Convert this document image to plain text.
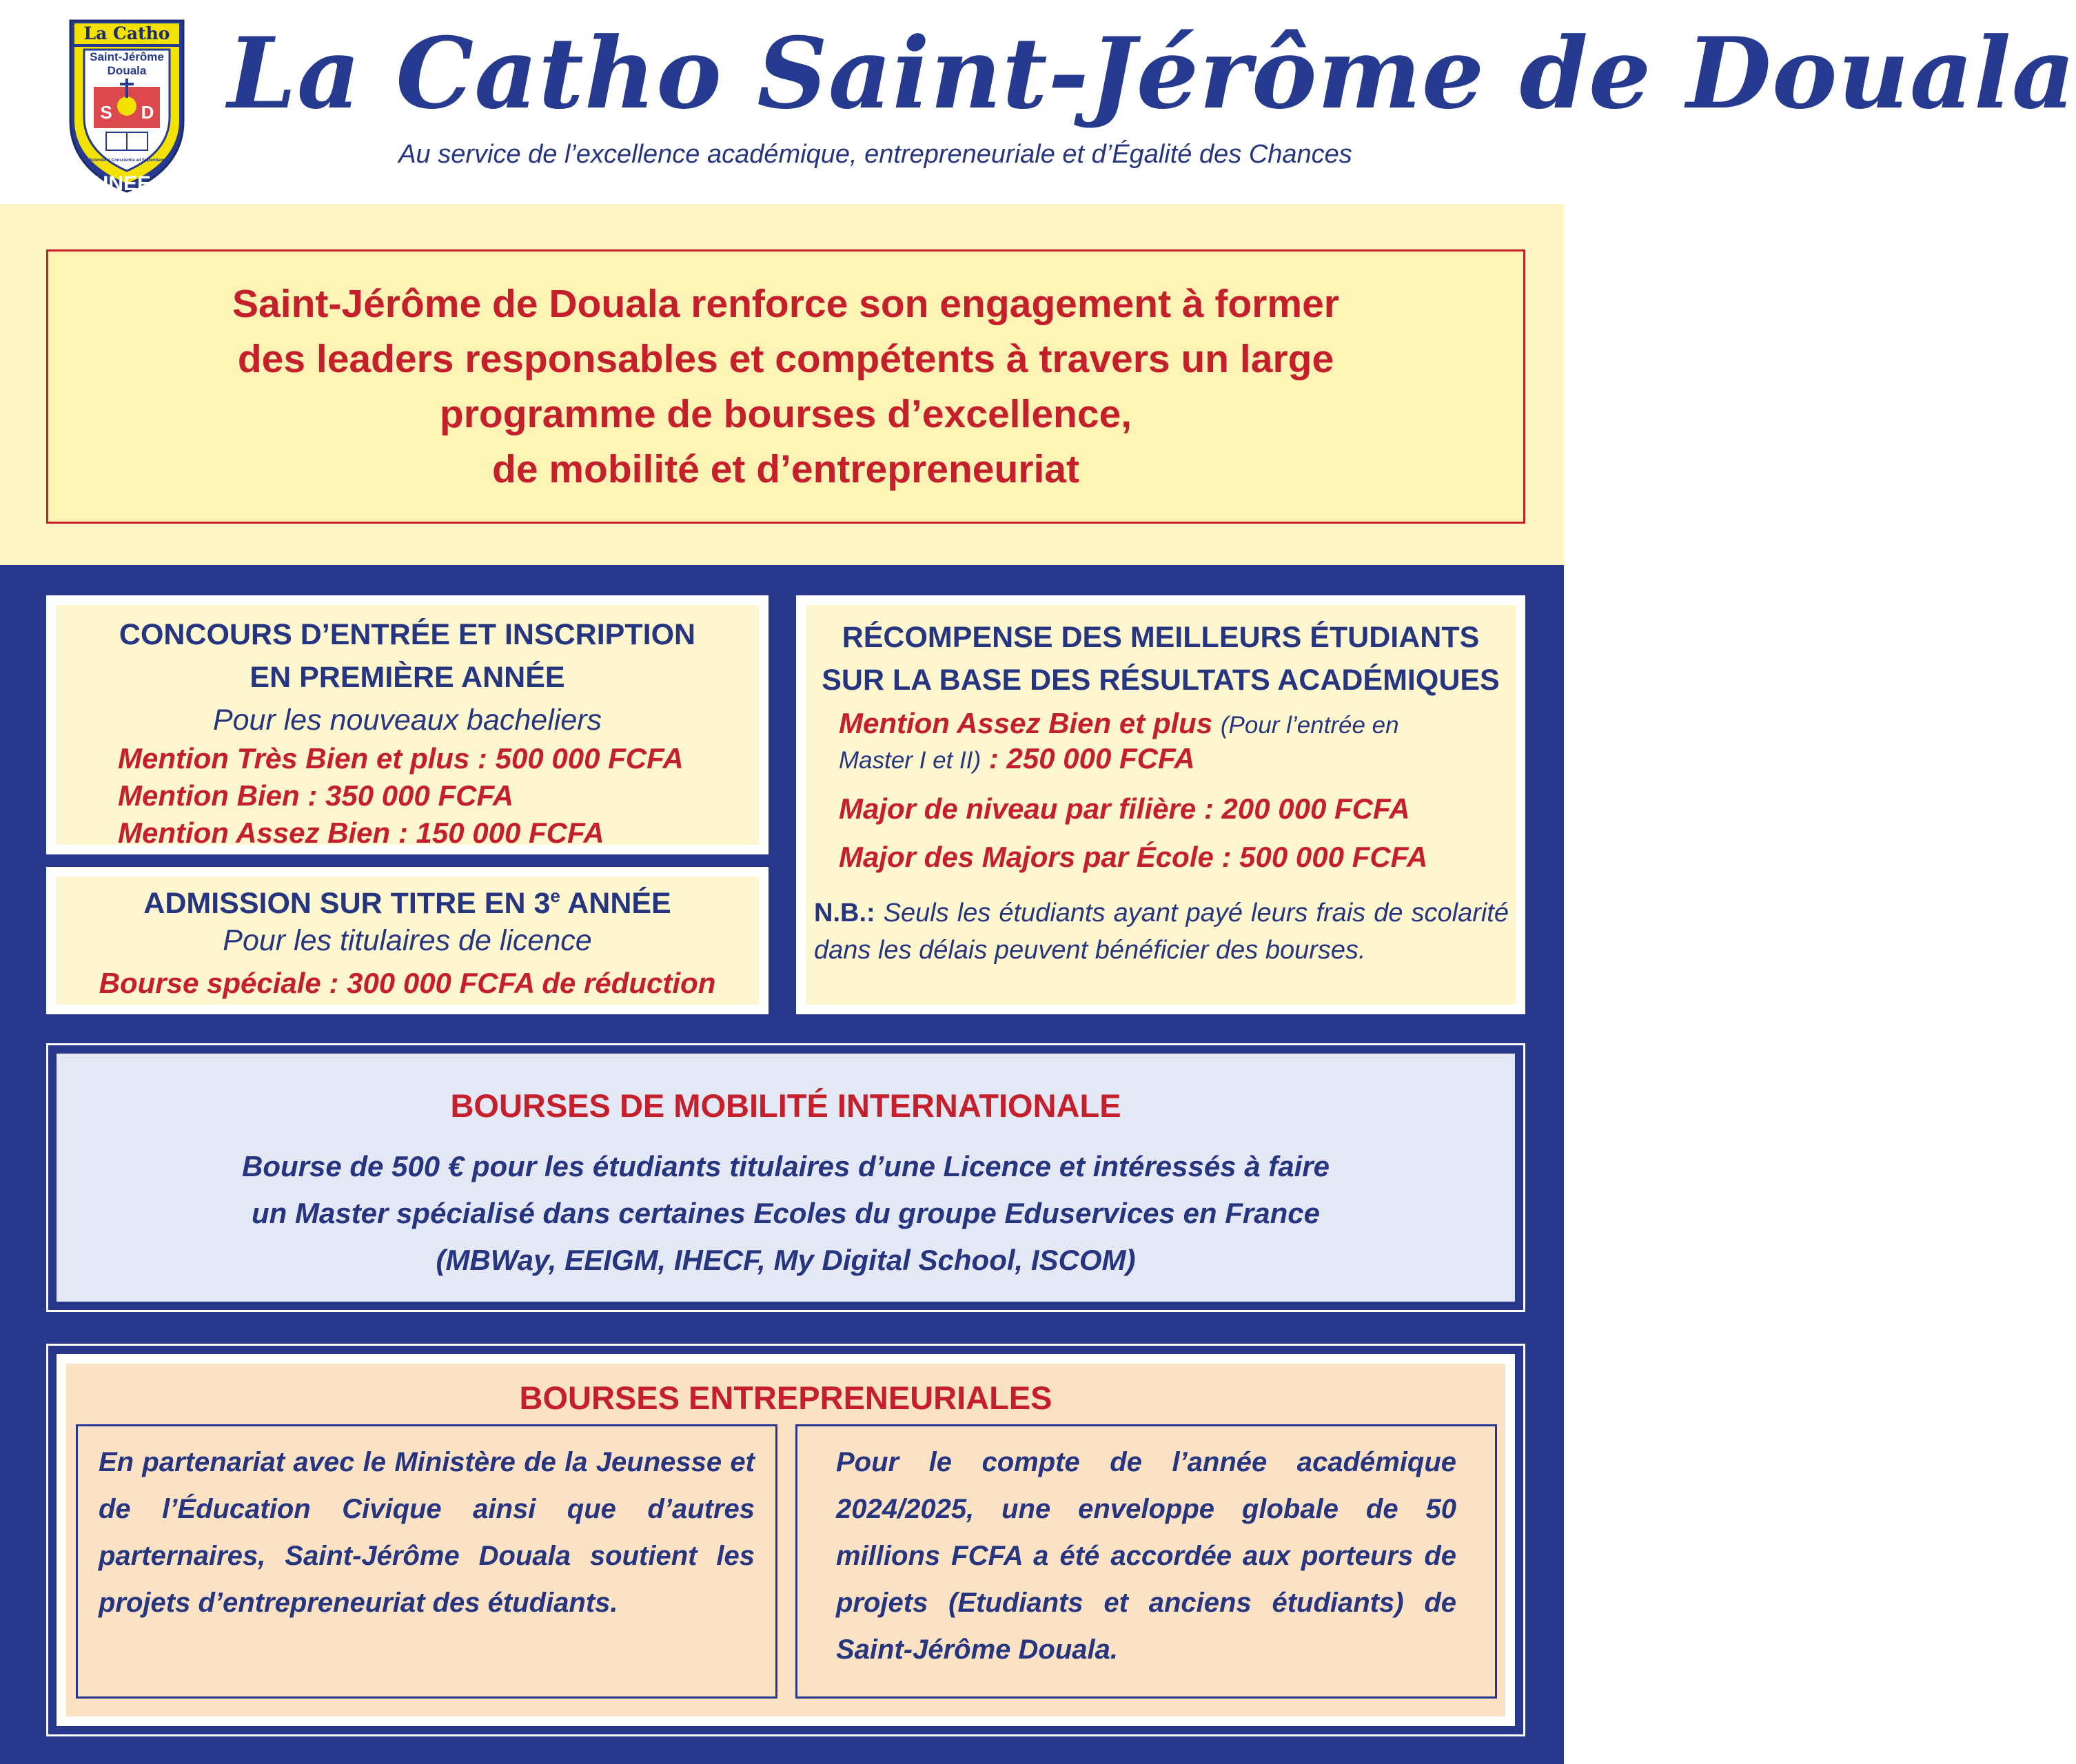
La Catho
Saint-Jérôme
Douala
S D
Scientia et Conscientia ad Sapientiam
IUNEEA
La Catho Saint-Jérôme de Douala
Au service de l’excellence académique, entrepreneuriale et d’Égalité des Chances
Saint-Jérôme de Douala renforce son engagement à former
des leaders responsables et compétents à travers un large
programme de bourses d’excellence,
de mobilité et d’entrepreneuriat
CONCOURS D’ENTRÉE ET INSCRIPTION
EN PREMIÈRE ANNÉE
Pour les nouveaux bacheliers
Mention Très Bien et plus : 500 000 FCFA
Mention Bien : 350 000 FCFA
Mention Assez Bien : 150 000 FCFA
ADMISSION SUR TITRE EN 3e ANNÉE
Pour les titulaires de licence
Bourse spéciale : 300 000 FCFA de réduction
RÉCOMPENSE DES MEILLEURS ÉTUDIANTS
SUR LA BASE DES RÉSULTATS ACADÉMIQUES
Mention Assez Bien et plus (Pour l’entrée en
Master I et II) : 250 000 FCFA
Major de niveau par filière : 200 000 FCFA
Major des Majors par École : 500 000 FCFA
N.B.: Seuls les étudiants ayant payé leurs frais de scolarité dans les délais peuvent bénéficier des bourses.
BOURSES DE MOBILITÉ INTERNATIONALE
Bourse de 500 € pour les étudiants titulaires d’une Licence et intéressés à faire
un Master spécialisé dans certaines Ecoles du groupe Eduservices en France
(MBWay, EEIGM, IHECF, My Digital School, ISCOM)
BOURSES ENTREPRENEURIALES
En partenariat avec le Ministère de la Jeunesse et de l’Éducation Civique ainsi que d’autres parternaires, Saint-Jérôme Douala soutient les projets d’entrepreneuriat des étudiants.
Pour le compte de l’année académique 2024/2025, une enveloppe globale de 50 millions FCFA a été accordée aux porteurs de projets (Etudiants et anciens étudiants) de Saint-Jérôme Douala.
